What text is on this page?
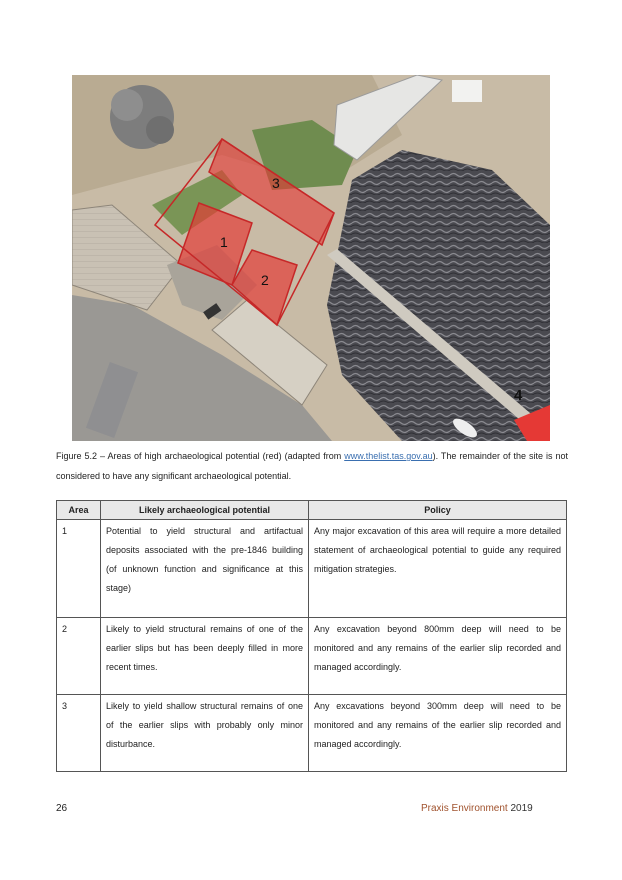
3
1
2
4
Figure 5.2 – Areas of high archaeological potential (red) (adapted from www.thelist.tas.gov.au). The remainder of the site is not considered to have any significant archaeological potential.
Area	Likely archaeological potential	Policy
1	Potential to yield structural and artifactual deposits associated with the pre-1846 building (of unknown function and significance at this stage)	Any major excavation of this area will require a more detailed statement of archaeological potential to guide any required mitigation strategies.
2	Likely to yield structural remains of one of the earlier slips but has been deeply filled in more recent times.	Any excavation beyond 800mm deep will need to be monitored and any remains of the earlier slip recorded and managed accordingly.
3	Likely to yield shallow structural remains of one of the earlier slips with probably only minor disturbance.	Any excavations beyond 300mm deep will need to be monitored and any remains of the earlier slip recorded and managed accordingly.
26	Praxis Environment 2019
